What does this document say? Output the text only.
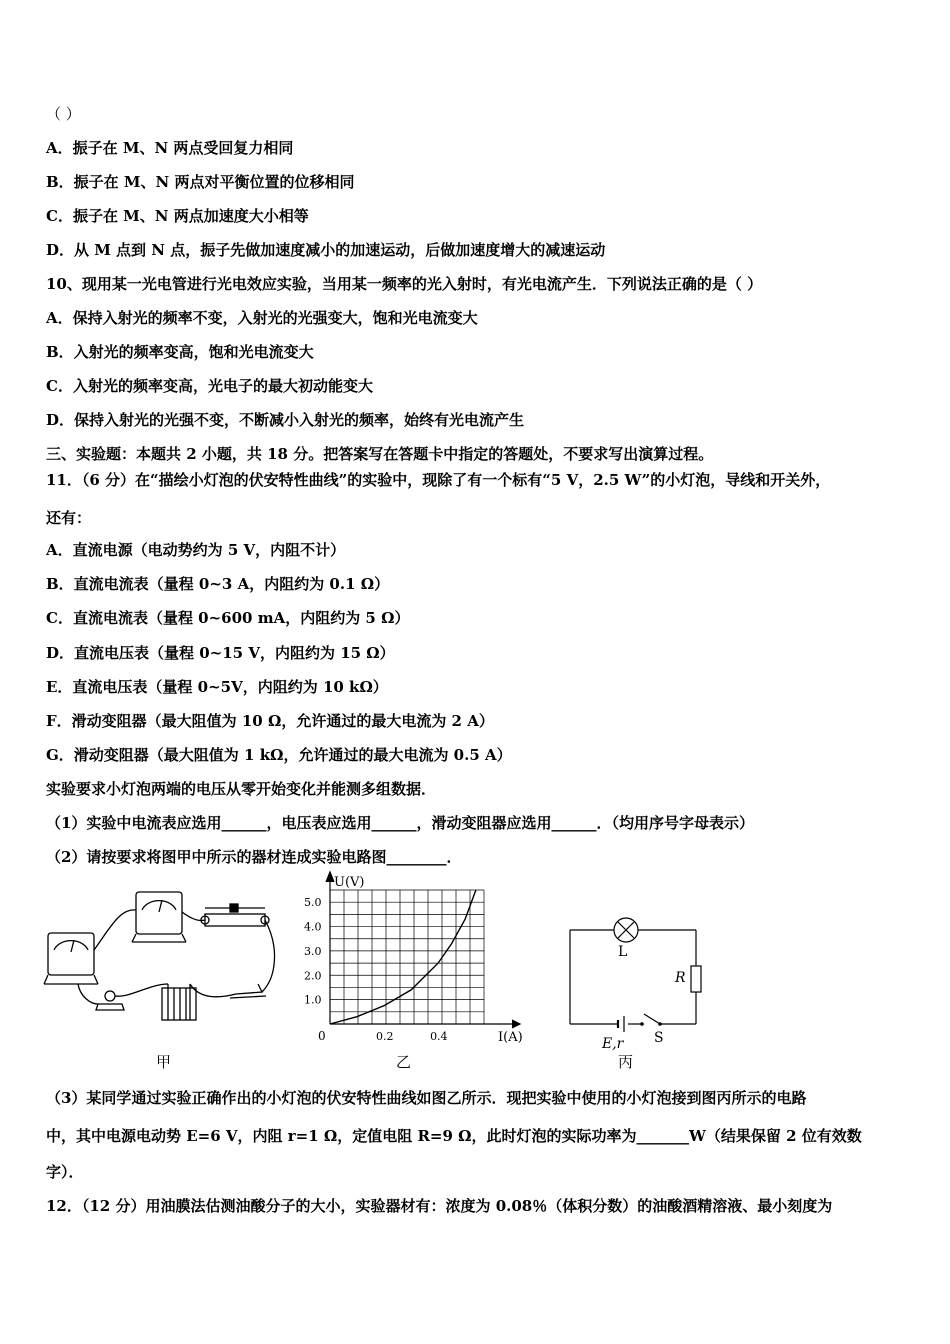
（ ）
A．振子在 M、N 两点受回复力相同
B．振子在 M、N 两点对平衡位置的位移相同
C．振子在 M、N 两点加速度大小相等
D．从 M 点到 N 点，振子先做加速度减小的加速运动，后做加速度增大的减速运动
10、现用某一光电管进行光电效应实验，当用某一频率的光入射时，有光电流产生．下列说法正确的是（ ）
A．保持入射光的频率不变，入射光的光强变大，饱和光电流变大
B．入射光的频率变高，饱和光电流变大
C．入射光的频率变高，光电子的最大初动能变大
D．保持入射光的光强不变，不断减小入射光的频率，始终有光电流产生
三、实验题：本题共 2 小题，共 18 分。把答案写在答题卡中指定的答题处，不要求写出演算过程。
11．（6 分）在“描绘小灯泡的伏安特性曲线”的实验中，现除了有一个标有“5 V，2.5 W”的小灯泡，导线和开关外，
还有：
A．直流电源（电动势约为 5 V，内阻不计）
B．直流电流表（量程 0~3 A，内阻约为 0.1 Ω）
C．直流电流表（量程 0~600 mA，内阻约为 5 Ω）
D．直流电压表（量程 0~15 V，内阻约为 15 Ω）
E．直流电压表（量程 0~5V，内阻约为 10 kΩ）
F．滑动变阻器（最大阻值为 10 Ω，允许通过的最大电流为 2 A）
G．滑动变阻器（最大阻值为 1 kΩ，允许通过的最大电流为 0.5 A）
实验要求小灯泡两端的电压从零开始变化并能测多组数据．
（1）实验中电流表应选用______，电压表应选用______，滑动变阻器应选用______．（均用序号字母表示）
（2）请按要求将图甲中所示的器材连成实验电路图________．
甲
1.0
2.0
3.0
4.0
5.0
0.2	0.4
U(V)
I(A)
0
乙
L
R
S
E,r
丙
（3）某同学通过实验正确作出的小灯泡的伏安特性曲线如图乙所示．现把实验中使用的小灯泡接到图丙所示的电路
中，其中电源电动势 E=6 V，内阻 r=1 Ω，定值电阻 R=9 Ω，此时灯泡的实际功率为_______W（结果保留 2 位有效数
字）．
12．（12 分）用油膜法估测油酸分子的大小，实验器材有：浓度为 0.08％（体积分数）的油酸酒精溶液、最小刻度为
